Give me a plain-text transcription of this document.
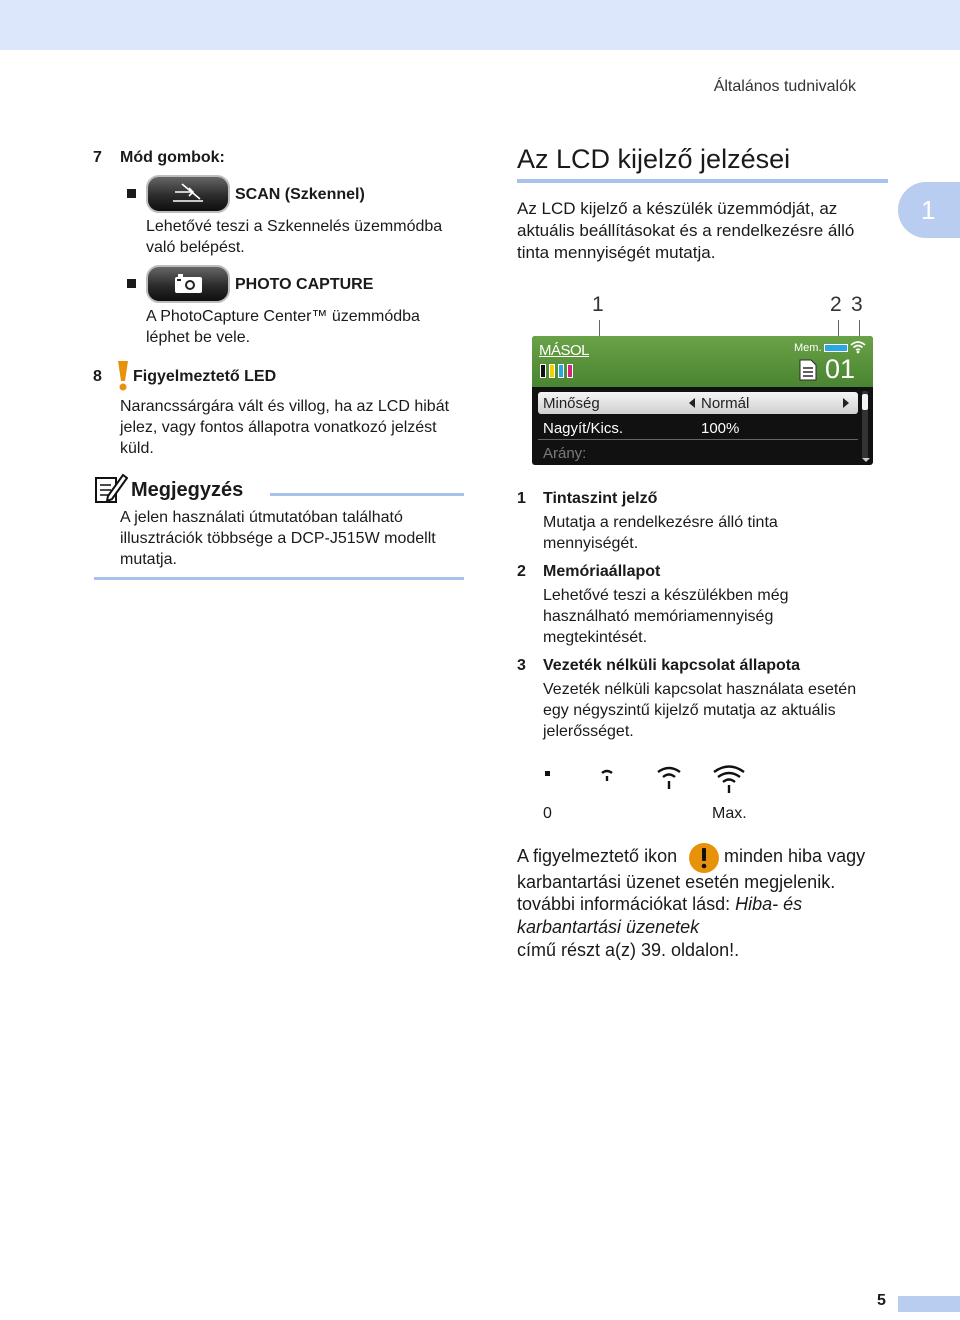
Általános tudnivalók
1
5
7 Mód gombok:
SCAN (Szkennel)
Lehetővé teszi a Szkennelés üzemmódba
való belépést.
PHOTO CAPTURE
A PhotoCapture Center™ üzemmódba
léphet be vele.
8 Figyelmeztető LED
Narancssárgára vált és villog, ha az LCD hibát
jelez, vagy fontos állapotra vonatkozó jelzést
küld.
Megjegyzés
A jelen használati útmutatóban található
illusztrációk többsége a DCP-J515W modellt
mutatja.
Az LCD kijelző jelzései
Az LCD kijelző a készülék üzemmódját, az
aktuális beállításokat és a rendelkezésre álló
tinta mennyiségét mutatja.
1	2 3
MÁSOL	Mem.
01
Minőség	Normál
Nagyít/Kics.	100%
Arány:
1 Tintaszint jelző
Mutatja a rendelkezésre álló tinta
mennyiségét.
2 Memóriaállapot
Lehetővé teszi a készülékben még
használható memóriamennyiség
megtekintését.
3 Vezeték nélküli kapcsolat állapota
Vezeték nélküli kapcsolat használata esetén
egy négyszintű kijelző mutatja az aktuális
jelerősséget.
0	Max.
A figyelmeztető ikon	minden hiba vagy
karbantartási üzenet esetén megjelenik.
további információkat lásd: Hiba- és
karbantartási üzenetek
című részt a(z) 39. oldalon!.
